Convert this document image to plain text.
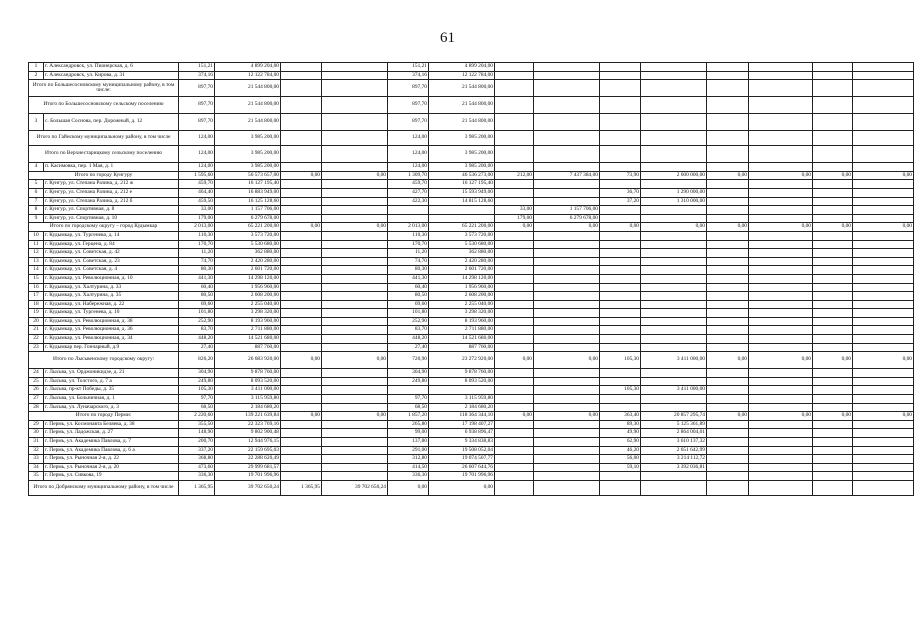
61
1	г. Александровск, ул. Пионерская, д. 6	151,21	4 899 204,00			151,21	4 899 204,00								
2	г. Александровск, ул. Кирова, д. 31	374,16	12 122 784,00			374,16	12 122 784,00								
Итого по Большесосновскому муниципальному району, в том числе:		897,70	21 544 800,00			897,70	21 544 800,00								
Итого по Большесосновскому сельскому поселению		897,70	21 544 800,00			897,70	21 544 800,00								
3	с. Большая Соснова, пер. Дорожный, д. 12	897,70	21 544 800,00			897,70	21 544 800,00								
Итого по Гайнскому муниципальному району, в том числе		124,00	3 985 200,00			124,00	3 985 200,00								
Итого по Верхнестарицкому сельскому поселению		124,00	3 985 200,00			124,00	3 985 200,00								
4	п. Касимовка, пер. 1 Мая, д. 1	124,00	3 985 200,00			124,00	3 985 200,00								
Итого по городу Кунгуру		1 595,60	56 573 657,00	0,00	0,00	1 309,70	46 536 273,00	212,00	7 437 384,00	73,90	2 600 000,00	0,00	0,00	0,00	0,00
5	г. Кунгур, ул. Степана Разина, д. 212 ж	459,70	16 127 195,40			459,70	16 127 195,40								
6	г. Кунгур, ул. Степана Разина, д. 212 е	464,40	16 883 949,00			427,70	15 593 949,00			36,70	1 290 000,00				
7	г. Кунгур, ул. Степана Разина, д. 212 б	459,50	16 125 128,60			422,30	14 815 128,60			37,20	1 310 000,00				
8	г. Кунгур, ул. Спортивная, д. 8	33,00	1 157 706,00					33,00	1 157 706,00						
9	г. Кунгур, ул. Спортивная, д. 10	179,00	6 279 678,00					179,00	6 279 678,00						
Итого по городскому округу – город Кудымкар		2 013,00	65 221 200,00	0,00	0,00	2 013,00	65 221 200,00	0,00	0,00	0,00	0,00	0,00	0,00	0,00	0,00
10	г. Кудымкар, ул. Тургенева, д. 14	110,30	3 573 720,00			110,30	3 573 720,00								
11	г. Кудымкар, ул. Герцена, д. 84	170,70	5 530 680,00			170,70	5 530 680,00								
12	г. Кудымкар, ул. Советская, д. 42	11,20	362 880,00			11,20	362 880,00								
13	г. Кудымкар, ул. Советская, д. 23	74,70	2 420 280,00			74,70	2 420 280,00								
14	г. Кудымкар, ул. Советская, д. 4	80,30	2 601 720,00			80,30	2 601 720,00								
15	г. Кудымкар, ул. Революционная, д. 10	441,30	14 298 120,00			441,30	14 298 120,00								
16	г. Кудымкар, ул. Халтурина, д. 33	60,40	1 956 960,00			60,40	1 956 960,00								
17	г. Кудымкар, ул. Халтурина, д. 35	80,50	2 608 200,00			80,50	2 608 200,00								
18	г. Кудымкар, ул. Набережная, д. 22	69,60	2 255 040,00			69,60	2 255 040,00								
19	г. Кудымкар, ул. Тургенева, д. 10	101,80	3 298 320,00			101,80	3 298 320,00								
20	г. Кудымкар, ул. Революционная, д. 38	252,90	8 193 960,00			252,90	8 193 960,00								
21	г. Кудымкар, ул. Революционная, д. 36	83,70	2 711 880,00			83,70	2 711 880,00								
22	г. Кудымкар, ул. Революционная, д. 34	448,20	14 521 680,00			448,20	14 521 680,00								
23	г. Кудымкар пер. Гончарный, д.9	27,40	887 760,00			27,40	887 760,00								
Итого по Лысьвенскому городскому округу:		826,20	26 683 920,00	0,00	0,00	720,90	23 272 920,00	0,00	0,00	105,30	3 411 000,00	0,00	0,00	0,00	0,00
24	г. Лысьва, ул. Орджоникидзе, д. 21	304,90	9 878 760,00			304,90	9 878 760,00								
25	г. Лысьва, ул. Толстого, д. 7 а	249,80	8 093 520,00			249,80	8 093 520,00								
26	г. Лысьва, пр-кт Победы, д. 35	105,30	3 411 000,00							105,30	3 411 000,00				
27	г. Лысьва, ул. Больничная, д. 1	97,70	3 115 959,80			97,70	3 115 959,80								
28	г. Лысьва, ул. Луначарского, д. 3	68,50	2 184 680,20			68,50	2 184 680,20								
Итого по городу Перми:		2 220,60	139 221 639,84	0,00	0,00	1 857,20	118 364 344,10	0,00	0,00	363,40	20 857 295,74	0,00	0,00	0,00	0,00
29	г. Пермь, ул. Космонавта Беляева, д. 38	355,50	22 323 769,16			265,80	17 198 407,27			89,30	5 125 361,89				
30	г. Пермь, ул. Ладожская, д. 27	148,90	9 802 900,48			99,00	6 938 896,47			49,90	2 864 004,01				
31	г. Пермь, ул. Академика Павлова, д. 7	200,70	12 944 976,15			137,80	9 334 838,83			62,90	3 610 137,32				
32	г. Пермь, ул. Академика Павлова, д. 6 а	337,20	22 159 695,03			291,00	19 508 052,04			46,20	2 651 642,99				
33	г. Пермь, ул. Рыночная 2-я, д. 22	368,80	22 288 620,49			312,80	19 074 507,77			56,00	3 214 112,72				
34	г. Пермь, ул. Рыночная 2-я, д. 20	473,60	29 999 681,57			414,50	26 607 644,76			59,10	3 392 036,81				
35	г. Пермь, ул. Сивкова, 19	336,30	19 701 996,96			336,30	19 701 996,96								
Итого по Добрянскому муниципальному району, в том числе		1 365,95	39 702 650,24	1 365,95	39 702 650,24	0,00	0,00								
